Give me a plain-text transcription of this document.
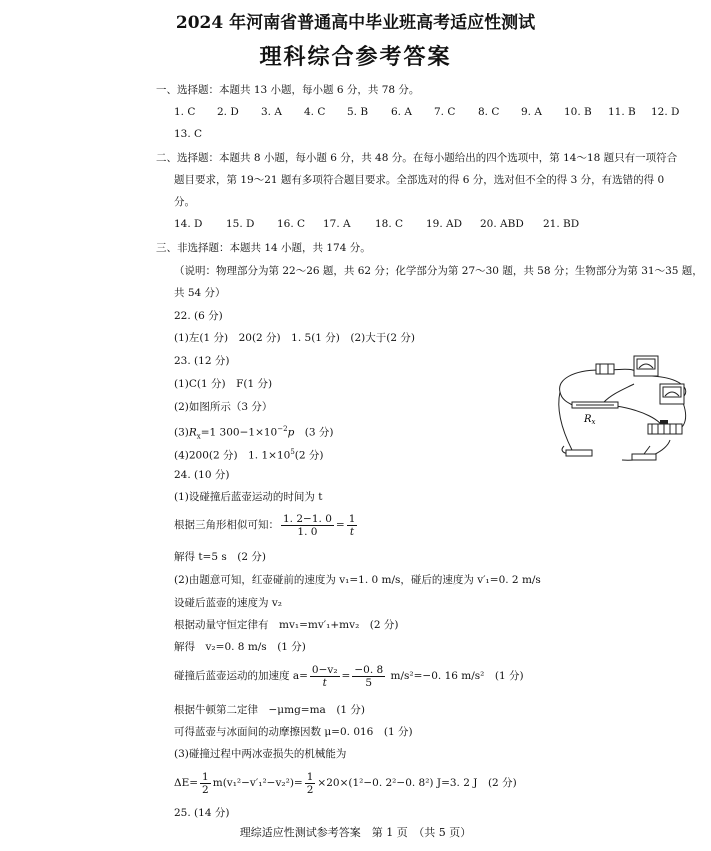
2024 年河南省普通高中毕业班高考适应性测试
理科综合参考答案
一、选择题：本题共 13 小题，每小题 6 分，共 78 分。
1. C 2. D 3. A 4. C 5. B 6. A 7. C 8. C 9. A 10. B 11. B 12. D
13. C
二、选择题：本题共 8 小题，每小题 6 分，共 48 分。在每小题给出的四个选项中，第 14～18 题只有一项符合
题目要求，第 19～21 题有多项符合题目要求。全部选对的得 6 分，选对但不全的得 3 分，有选错的得 0
分。
14. D 15. D 16. C 17. A 18. C 19. AD 20. ABD 21. BD
三、非选择题：本题共 14 小题，共 174 分。
（说明：物理部分为第 22～26 题，共 62 分；化学部分为第 27～30 题，共 58 分；生物部分为第 31～35 题，
共 54 分）
22. (6 分)
(1)左(1 分)　20(2 分)　1. 5(1 分)　(2)大于(2 分)
23. (12 分)
(1)C(1 分)　F(1 分)
(2)如图所示（3 分）
$(3)R_x=1$ $300-1\times 10^{-2}p$　(3 分)
(4)200(2 分)　1. $1\times 10^5(2$ 分)
$R_x$
24. (10 分)
(1)设碰撞后蓝壶运动的时间为 t
根据三角形相似可知： $\frac{1. 2-1. 0}{1. 0} = \frac{1}{t}$
解得 t=5 s　(2 分)
(2)由题意可知，红壶碰前的速度为 v₁=1. 0 m/s，碰后的速度为 v′₁=0. 2 m/s
设碰后蓝壶的速度为 v₂
根据动量守恒定律有　mv₁=mv′₁+mv₂　(2 分)
解得　v₂=0. 8 m/s　(1 分)
碰撞后蓝壶运动的加速度 $a= \frac{\text{0−v₂}}{t} = \frac{-0. 8}{5} m/s^2=-0$. 16 m/s²　(1 分)
根据牛顿第二定律　−μmg=ma　(1 分)
可得蓝壶与冰面间的动摩擦因数 μ=0. 016　(1 分)
(3)碰撞过程中两冰壶损失的机械能为
$\Delta E= \frac{1}{2} m(v_1^2-v'_1^2-v_2^2)= \frac{1}{2} \times 20\times(1^2-0$. 2²−0. 8²) J=3. 2 J　(2 分)
25. (14 分)
理综适应性测试参考答案　第 1 页　（共 5 页）
